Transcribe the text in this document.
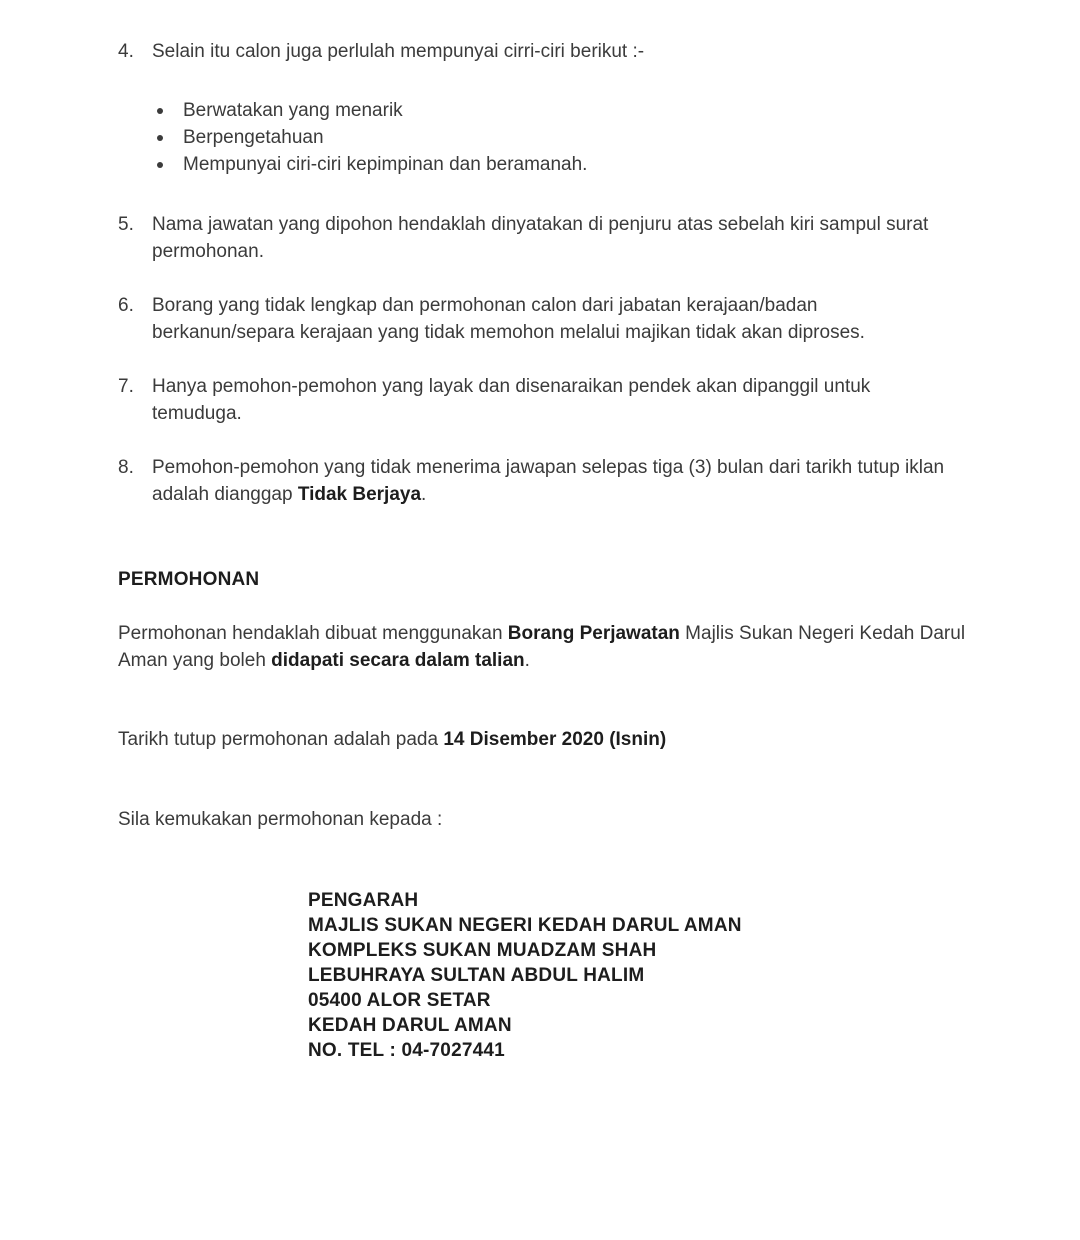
4. Selain itu calon juga perlulah mempunyai cirri-ciri berikut :-
Berwatakan yang menarik
Berpengetahuan
Mempunyai ciri-ciri kepimpinan dan beramanah.
5. Nama jawatan yang dipohon hendaklah dinyatakan di penjuru atas sebelah kiri sampul surat permohonan.
6. Borang yang tidak lengkap dan permohonan calon dari jabatan kerajaan/badan berkanun/separa kerajaan yang tidak memohon melalui majikan tidak akan diproses.
7. Hanya pemohon-pemohon yang layak dan disenaraikan pendek akan dipanggil untuk temuduga.
8. Pemohon-pemohon yang tidak menerima jawapan selepas tiga (3) bulan dari tarikh tutup iklan adalah dianggap Tidak Berjaya.
PERMOHONAN
Permohonan hendaklah dibuat menggunakan Borang Perjawatan Majlis Sukan Negeri Kedah Darul Aman yang boleh didapati secara dalam talian.
Tarikh tutup permohonan adalah pada 14 Disember 2020 (Isnin)
Sila kemukakan permohonan kepada :
PENGARAH
MAJLIS SUKAN NEGERI KEDAH DARUL AMAN
KOMPLEKS SUKAN MUADZAM SHAH
LEBUHRAYA SULTAN ABDUL HALIM
05400 ALOR SETAR
KEDAH DARUL AMAN
NO. TEL : 04-7027441
